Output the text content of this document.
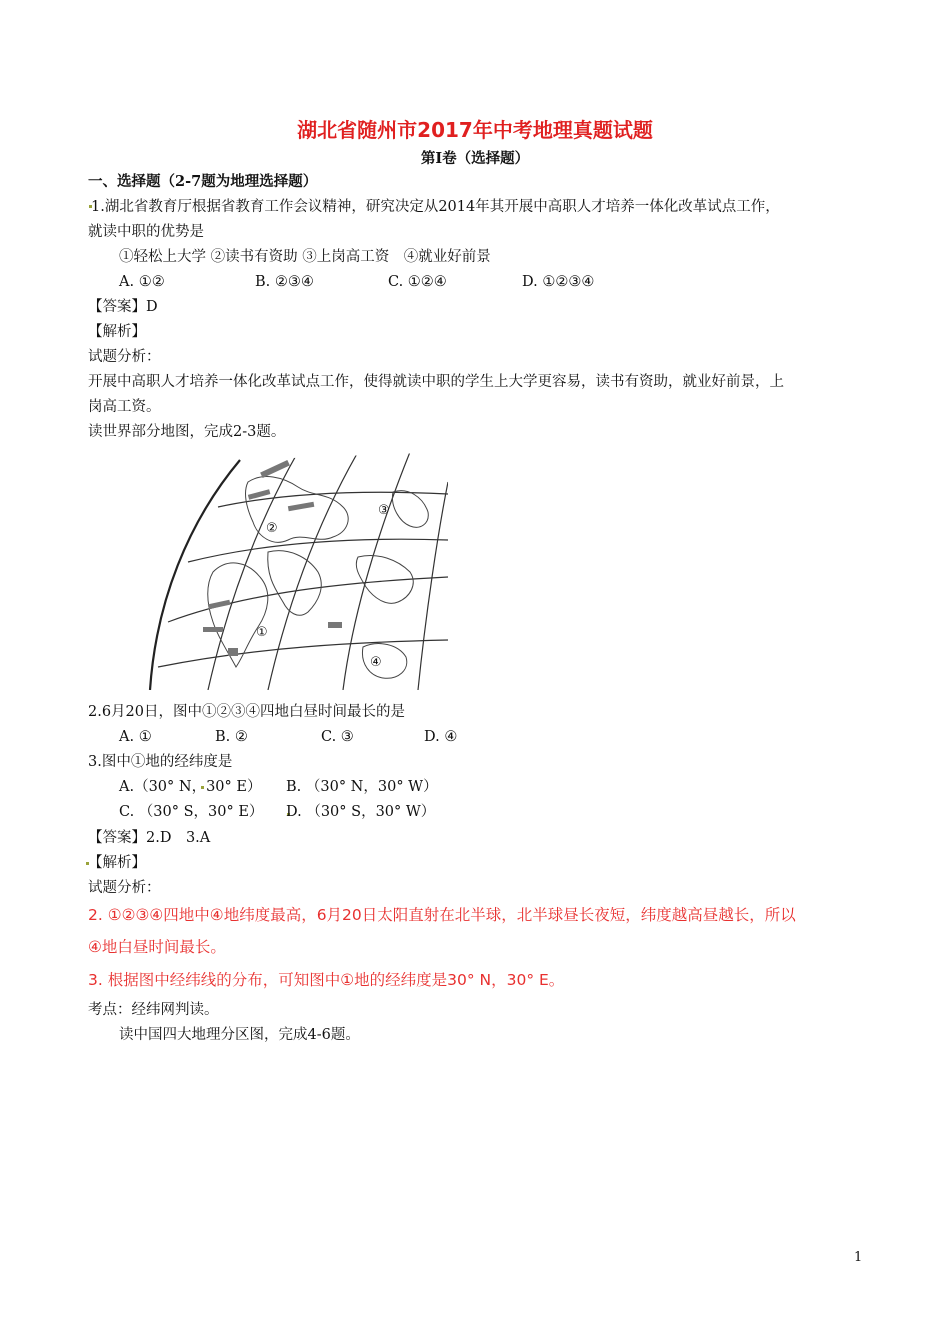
湖北省随州市2017年中考地理真题试题
第Ⅰ卷（选择题）
一、选择题（2-7题为地理选择题）
1.湖北省教育厅根据省教育工作会议精神，研究决定从2014年其开展中高职人才培养一体化改革试点工作，
就读中职的优势是
①轻松上大学 ②读书有资助 ③上岗高工资　④就业好前景
A. ①②	B. ②③④	C. ①②④	D. ①②③④
【答案】D
【解析】
试题分析：
开展中高职人才培养一体化改革试点工作，使得就读中职的学生上大学更容易，读书有资助，就业好前景，上
岗高工资。
读世界部分地图，完成2-3题。
①
②
③
④
2.6月20日，图中①②③④四地白昼时间最长的是
A. ①	B. ②	C. ③	D. ④
3.图中①地的经纬度是
A.（30° N，30° E） B. （30° N，30° W）
C. （30° S，30° E） D. （30° S，30° W）
【答案】2.D　3.A
【解析】
试题分析：
2. ①②③④四地中④地纬度最高，6月20日太阳直射在北半球，北半球昼长夜短，纬度越高昼越长，所以
④地白昼时间最长。
3. 根据图中经纬线的分布，可知图中①地的经纬度是30° N，30° E。
考点：经纬网判读。
读中国四大地理分区图，完成4-6题。
1
